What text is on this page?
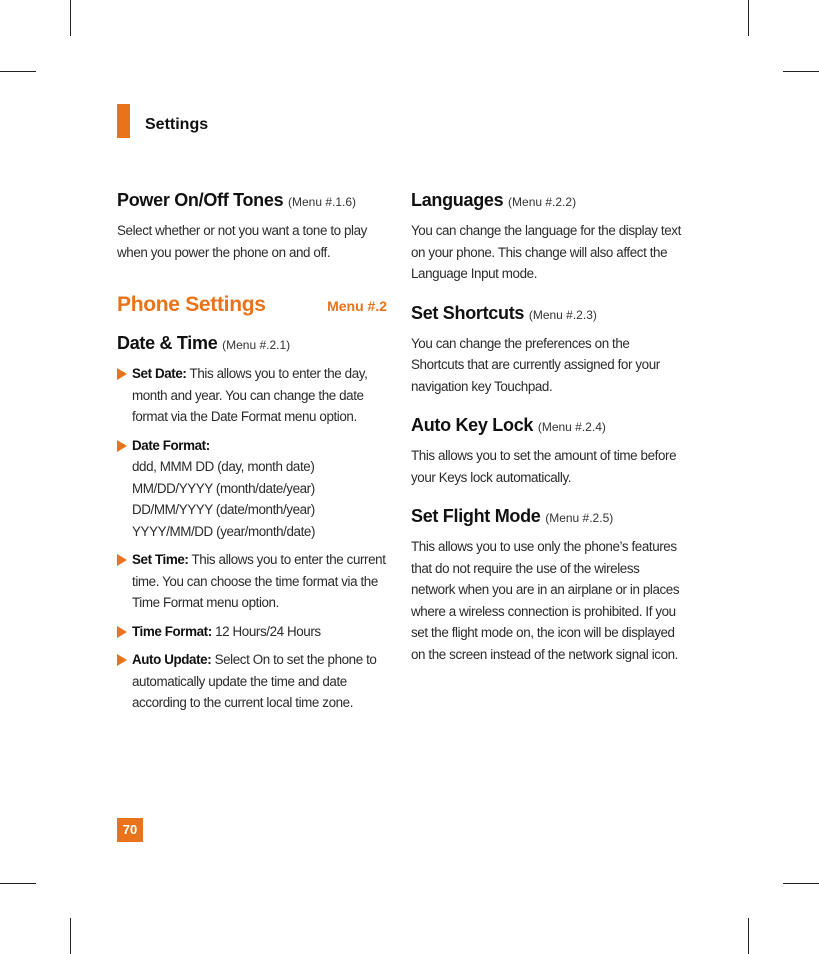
Settings
Power On/Off Tones (Menu #.1.6)

Select whether or not you want a tone to play when you power the phone on and off.

Phone Settings	Menu #.2
Date & Time (Menu #.2.1)
Set Date: This allows you to enter the day, month and year. You can change the date format via the Date Format menu option.
Date Format:
ddd, MMM DD (day, month date)
MM/DD/YYYY (month/date/year)
DD/MM/YYYY (date/month/year)
YYYY/MM/DD (year/month/date)
Set Time: This allows you to enter the current time. You can choose the time format via the Time Format menu option.
Time Format: 12 Hours/24 Hours
Auto Update: Select On to set the phone to automatically update the time and date according to the current local time zone.
Languages (Menu #.2.2)

You can change the language for the display text on your phone. This change will also affect the Language Input mode.

Set Shortcuts (Menu #.2.3)

You can change the preferences on the Shortcuts that are currently assigned for your navigation key Touchpad.

Auto Key Lock (Menu #.2.4)

This allows you to set the amount of time before your Keys lock automatically.

Set Flight Mode (Menu #.2.5)

This allows you to use only the phone’s features that do not require the use of the wireless network when you are in an airplane or in places where a wireless connection is prohibited. If you set the flight mode on, the icon will be displayed on the screen instead of the network signal icon.

70
